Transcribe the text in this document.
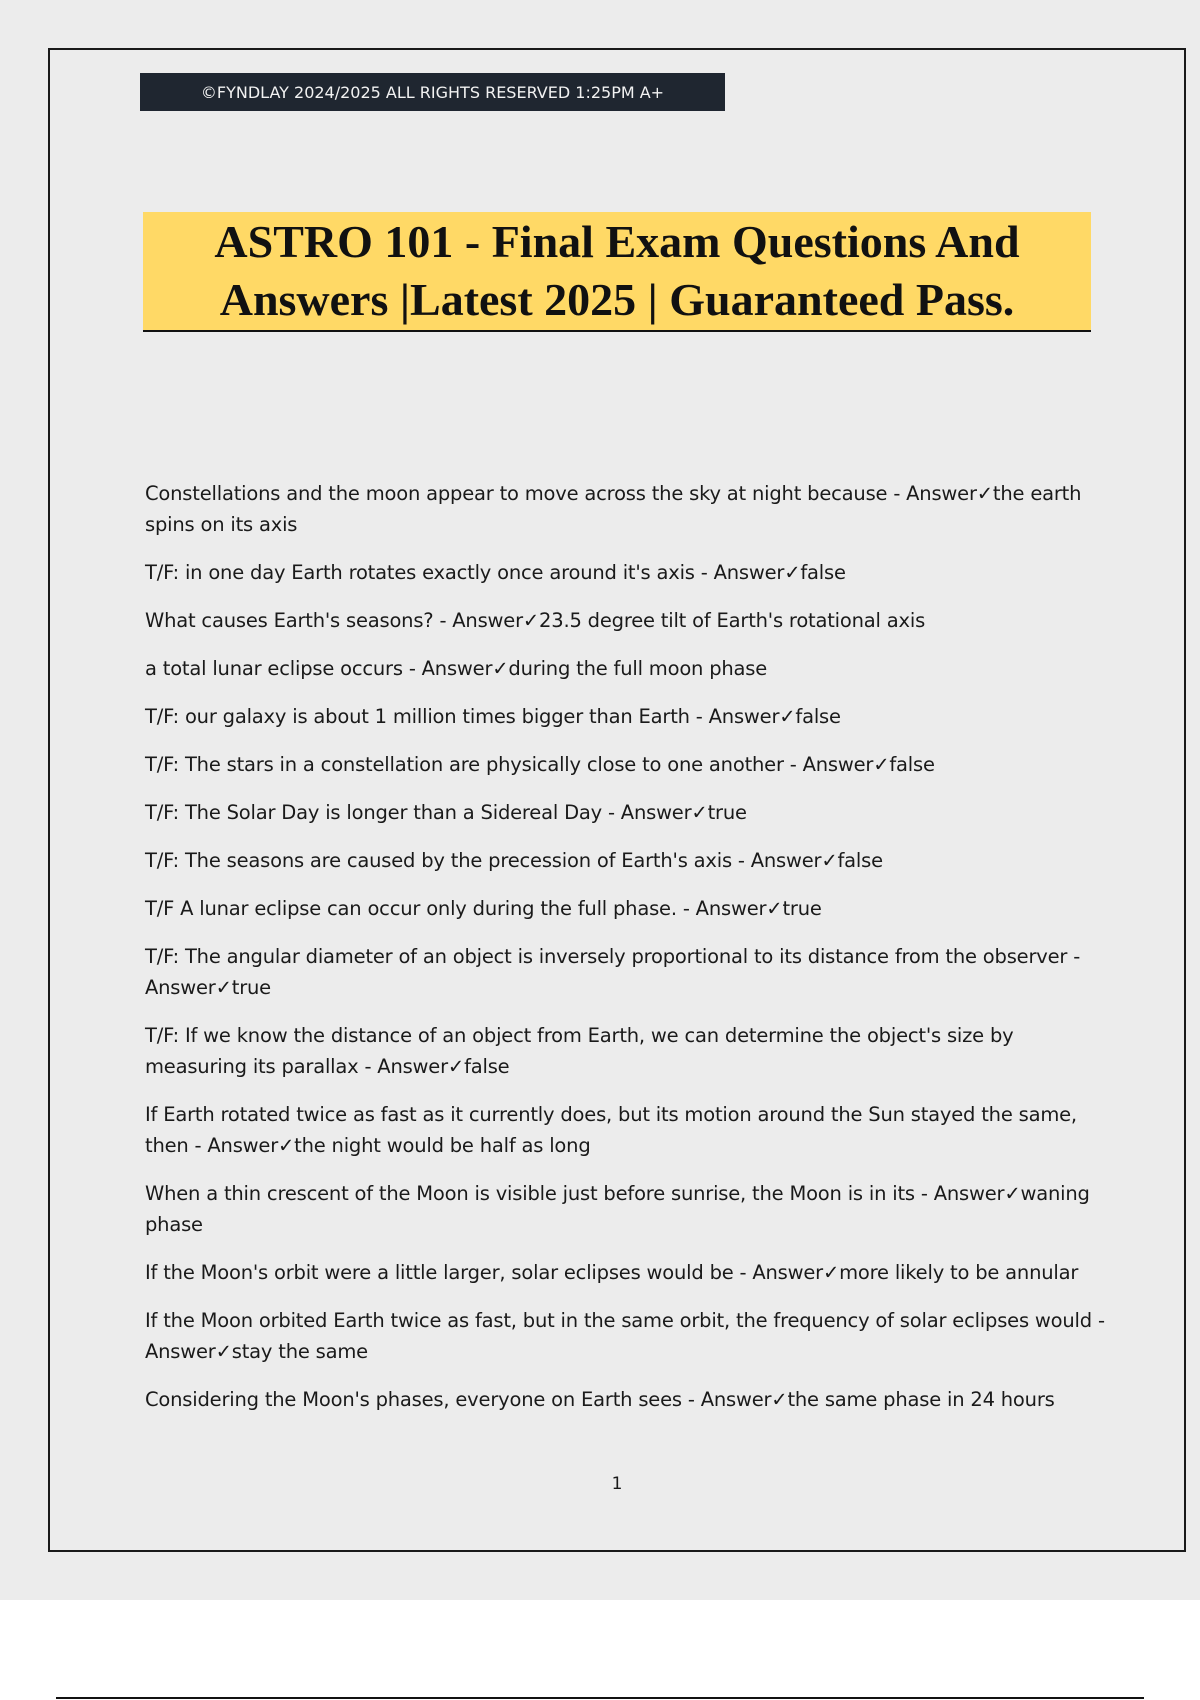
©FYNDLAY 2024/2025 ALL RIGHTS RESERVED 1:25PM A+
ASTRO 101 - Final Exam Questions And
Answers |Latest 2025 | Guaranteed Pass.
Constellations and the moon appear to move across the sky at night because - Answer✓the earth spins on its axis
T/F: in one day Earth rotates exactly once around it's axis - Answer✓false
What causes Earth's seasons? - Answer✓23.5 degree tilt of Earth's rotational axis
a total lunar eclipse occurs - Answer✓during the full moon phase
T/F: our galaxy is about 1 million times bigger than Earth - Answer✓false
T/F: The stars in a constellation are physically close to one another - Answer✓false
T/F: The Solar Day is longer than a Sidereal Day - Answer✓true
T/F: The seasons are caused by the precession of Earth's axis - Answer✓false
T/F A lunar eclipse can occur only during the full phase. - Answer✓true
T/F: The angular diameter of an object is inversely proportional to its distance from the observer - Answer✓true
T/F: If we know the distance of an object from Earth, we can determine the object's size by measuring its parallax - Answer✓false
If Earth rotated twice as fast as it currently does, but its motion around the Sun stayed the same, then - Answer✓the night would be half as long
When a thin crescent of the Moon is visible just before sunrise, the Moon is in its - Answer✓waning phase
If the Moon's orbit were a little larger, solar eclipses would be - Answer✓more likely to be annular
If the Moon orbited Earth twice as fast, but in the same orbit, the frequency of solar eclipses would - Answer✓stay the same
Considering the Moon's phases, everyone on Earth sees - Answer✓the same phase in 24 hours
1
